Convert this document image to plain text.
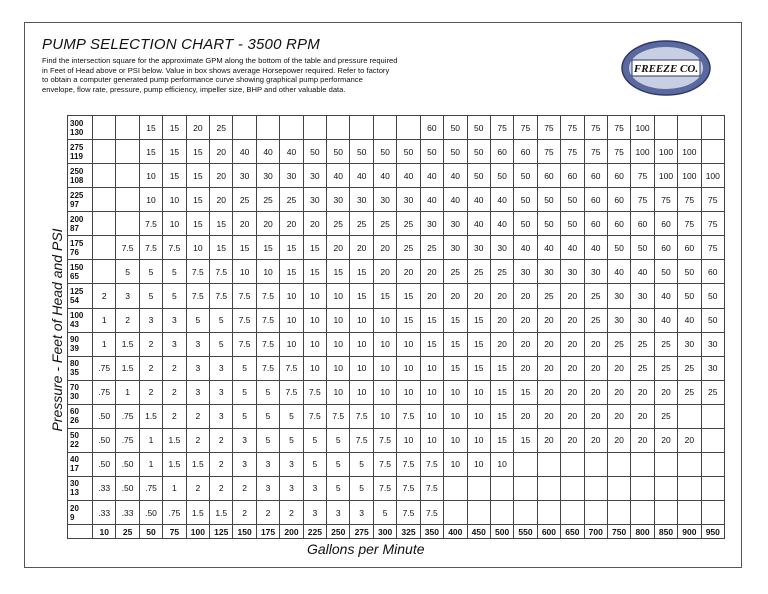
PUMP SELECTION CHART - 3500 RPM
Find the intersection square for the approximate GPM along the bottom of the table and pressure required
in Feet of Head above or PSI below. Value in box shows average Horsepower required. Refer to factory
to obtain a computer generated pump performance curve showing graphical pump performance
envelope, flow rate, pressure, pump efficiency, impeller size, BHP and other valuable data.
FREEZE CO.
Pressure - Feet of Head and PSI
300
130			15	15	20	25									60	50	50	75	75	75	75	75	75	100			

275
119			15	15	15	20	40	40	40	50	50	50	50	50	50	50	50	60	60	75	75	75	75	100	100	100	

250
108			10	15	15	20	30	30	30	30	40	40	40	40	40	40	50	50	50	60	60	60	60	75	100	100	100

225
97			10	10	15	20	25	25	25	30	30	30	30	30	40	40	40	40	50	50	50	60	60	75	75	75	75

200
87			7.5	10	15	15	20	20	20	20	25	25	25	25	30	30	40	40	50	50	50	60	60	60	60	75	75

175
76		7.5	7.5	7.5	10	15	15	15	15	15	20	20	20	25	25	30	30	30	40	40	40	40	50	50	60	60	75

150
65		5	5	5	7.5	7.5	10	10	15	15	15	15	20	20	20	25	25	25	30	30	30	30	40	40	50	50	60

125
54	2	3	5	5	7.5	7.5	7.5	7.5	10	10	10	15	15	15	20	20	20	20	20	25	20	25	30	30	40	50	50

100
43	1	2	3	3	5	5	7.5	7.5	10	10	10	10	10	15	15	15	15	20	20	20	20	25	30	30	40	40	50

90
39	1	1.5	2	3	3	5	7.5	7.5	10	10	10	10	10	10	15	15	15	20	20	20	20	20	25	25	25	30	30

80
35	.75	1.5	2	2	3	3	5	7.5	7.5	10	10	10	10	10	10	15	15	15	20	20	20	20	20	25	25	25	30

70
30	.75	1	2	2	3	3	5	5	7.5	7.5	10	10	10	10	10	10	10	15	15	20	20	20	20	20	20	25	25

60
26	.50	.75	1.5	2	2	3	5	5	5	7.5	7.5	7.5	10	7.5	10	10	10	15	20	20	20	20	20	20	25		

50
22	.50	.75	1	1.5	2	2	3	5	5	5	5	7.5	7.5	10	10	10	10	15	15	20	20	20	20	20	20	20	

40
17	.50	.50	1	1.5	1.5	2	3	3	3	5	5	5	7.5	7.5	7.5	10	10	10									

30
13	.33	.50	.75	1	2	2	2	3	3	3	5	5	7.5	7.5	7.5												

20
9	.33	.33	.50	.75	1.5	1.5	2	2	2	3	3	3	5	7.5	7.5												
	10	25	50	75	100	125	150	175	200	225	250	275	300	325	350	400	450	500	550	600	650	700	750	800	850	900	950
Gallons per Minute
